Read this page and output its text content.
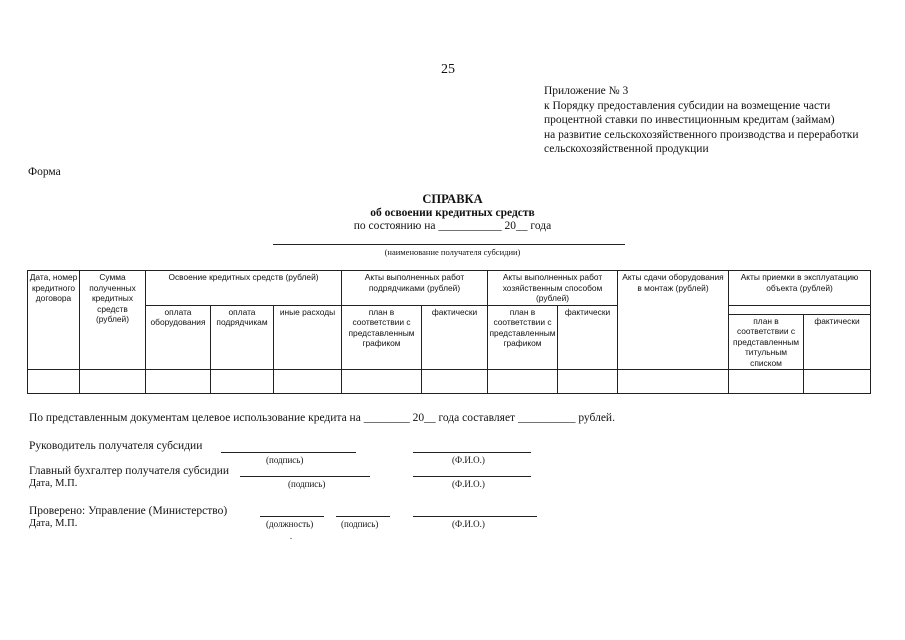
25
Приложение № 3
к Порядку предоставления субсидии на возмещение части
процентной ставки по инвестиционным кредитам (займам)
на развитие сельскохозяйственного производства и переработки
сельскохозяйственной продукции
Форма
СПРАВКА
об освоении кредитных средств
по состоянию на ___________ 20__ года
(наименование получателя субсидии)
Дата, номер кредитного договора	Сумма полученных кредитных средств (рублей)	Освоение кредитных средств (рублей)			Акты выполненных работ подрядчиками (рублей)		Акты выполненных работ хозяйственным способом (рублей)		Акты сдачи оборудования в монтаж (рублей)	Акты приемки в эксплуатацию объекта (рублей)	
		оплата оборудования	оплата подрядчикам	иные расходы	план в соответствии с представленным графиком	фактически	план в соответствии с представленным графиком	фактически			
										план в соответствии с представленным титульным списком	фактически

По представленным документам целевое использование кредита на ________ 20__ года составляет __________ рублей.
Руководитель получателя субсидии
(подпись)	(Ф.И.О.)
Главный бухгалтер получателя субсидии
Дата, М.П.	(подпись)	(Ф.И.О.)
Проверено: Управление (Министерство)
Дата, М.П.	(должность)	(подпись)	(Ф.И.О.)
